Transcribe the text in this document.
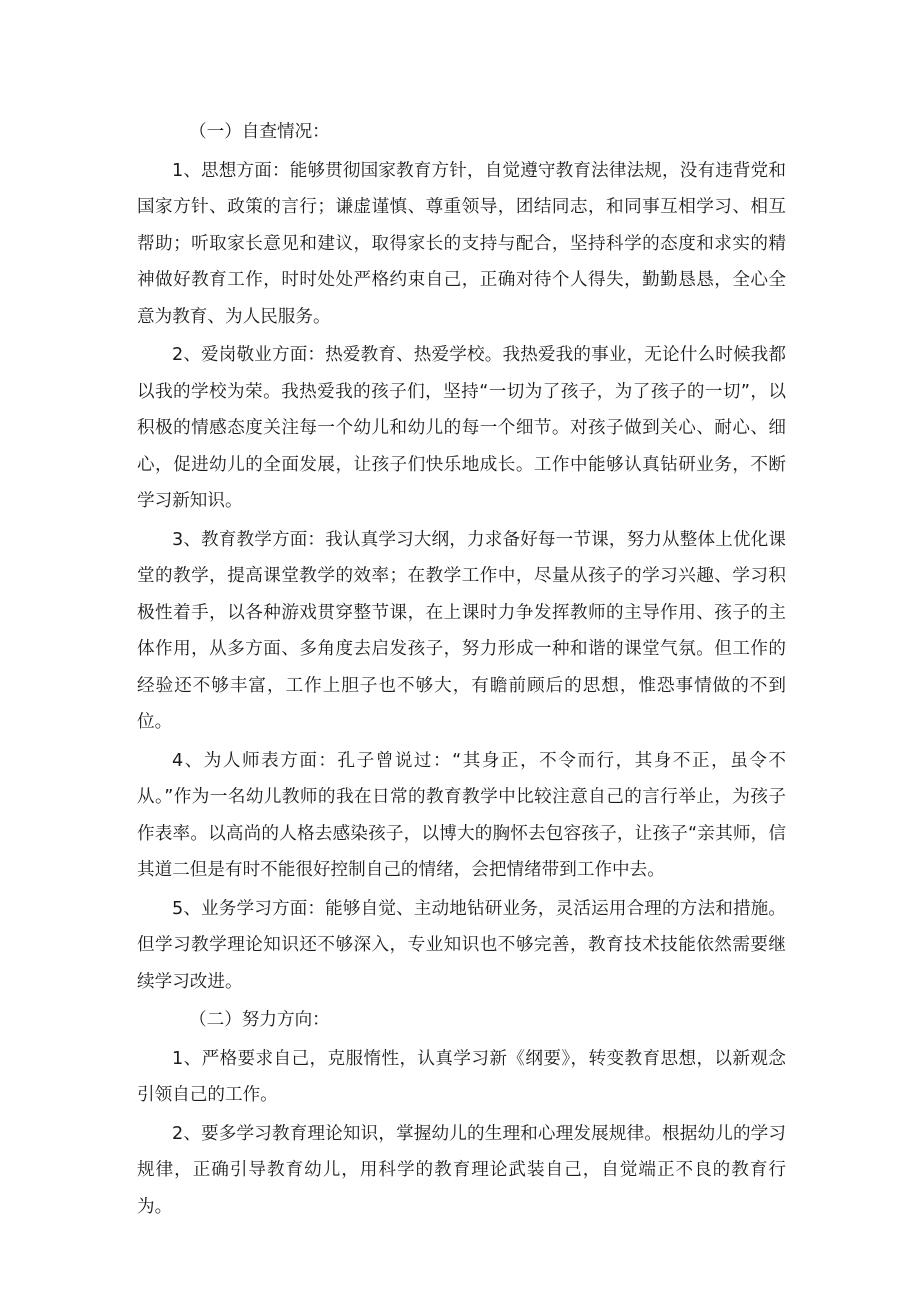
（一）自查情况：

1、思想方面：能够贯彻国家教育方针，自觉遵守教育法律法规，没有违背党和国家方针、政策的言行；谦虚谨慎、尊重领导，团结同志，和同事互相学习、相互帮助；听取家长意见和建议，取得家长的支持与配合，坚持科学的态度和求实的精神做好教育工作，时时处处严格约束自己，正确对待个人得失，勤勤恳恳，全心全意为教育、为人民服务。

2、爱岗敬业方面：热爱教育、热爱学校。我热爱我的事业，无论什么时候我都以我的学校为荣。我热爱我的孩子们，坚持“一切为了孩子，为了孩子的一切”，以积极的情感态度关注每一个幼儿和幼儿的每一个细节。对孩子做到关心、耐心、细心，促进幼儿的全面发展，让孩子们快乐地成长。工作中能够认真钻研业务，不断学习新知识。

3、教育教学方面：我认真学习大纲，力求备好每一节课，努力从整体上优化课堂的教学，提高课堂教学的效率；在教学工作中，尽量从孩子的学习兴趣、学习积极性着手，以各种游戏贯穿整节课，在上课时力争发挥教师的主导作用、孩子的主体作用，从多方面、多角度去启发孩子，努力形成一种和谐的课堂气氛。但工作的经验还不够丰富，工作上胆子也不够大，有瞻前顾后的思想，惟恐事情做的不到位。

4、为人师表方面：孔子曾说过：“其身正，不令而行，其身不正，虽令不从。”作为一名幼儿教师的我在日常的教育教学中比较注意自己的言行举止，为孩子作表率。以高尚的人格去感染孩子，以博大的胸怀去包容孩子，让孩子“亲其师，信其道二但是有时不能很好控制自己的情绪，会把情绪带到工作中去。

5、业务学习方面：能够自觉、主动地钻研业务，灵活运用合理的方法和措施。但学习教学理论知识还不够深入，专业知识也不够完善，教育技术技能依然需要继续学习改进。

（二）努力方向：

1、严格要求自己，克服惰性，认真学习新《纲要》，转变教育思想，以新观念引领自己的工作。

2、要多学习教育理论知识，掌握幼儿的生理和心理发展规律。根据幼儿的学习规律，正确引导教育幼儿，用科学的教育理论武装自己，自觉端正不良的教育行为。
